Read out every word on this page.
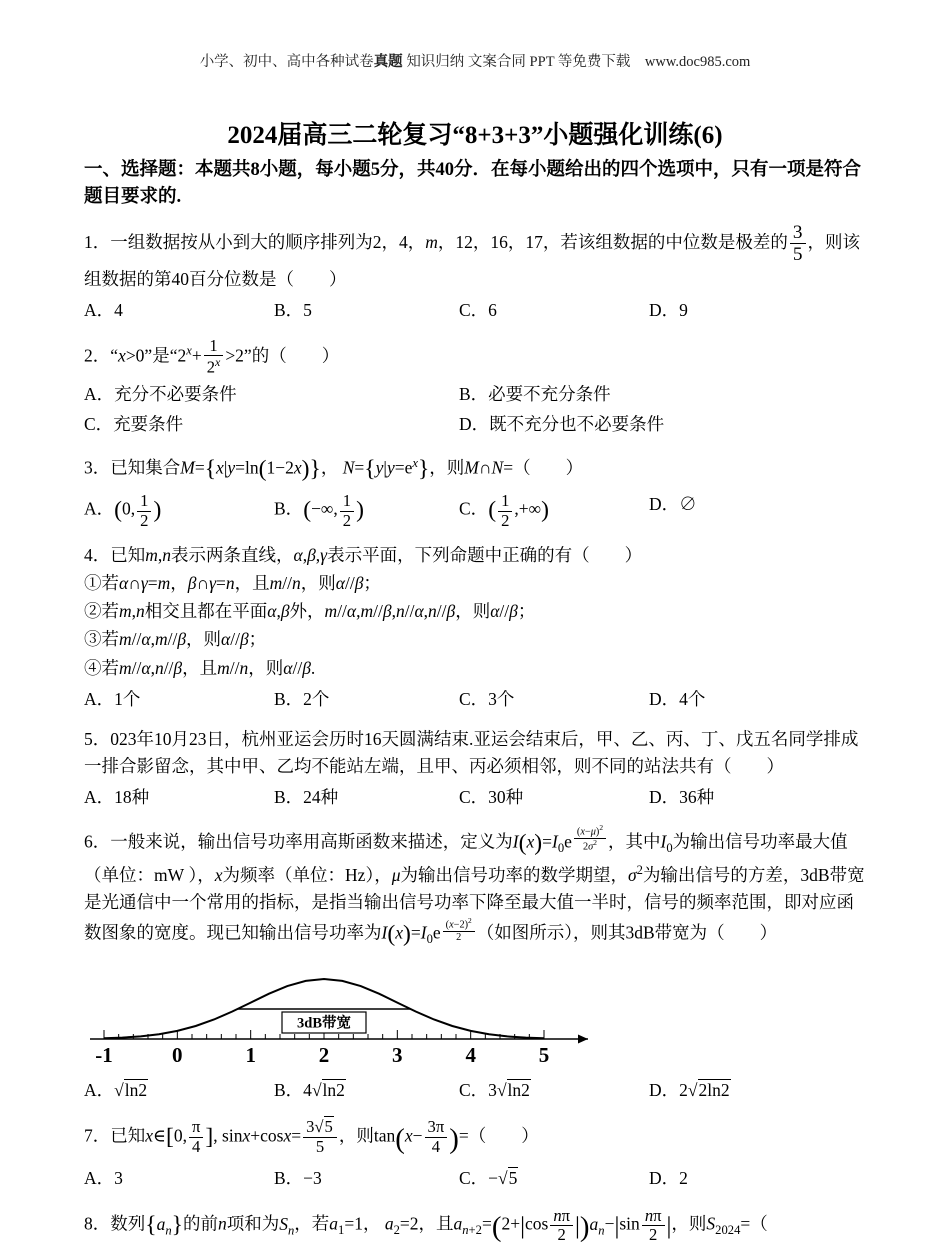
小学、初中、高中各种试卷真题 知识归纳 文案合同 PPT 等免费下载 www.doc985.com
2024届高三二轮复习“8+3+3”小题强化训练(6)

一、选择题：本题共8小题，每小题5分，共40分．在每小题给出的四个选项中，只有一项是符合题目要求的.

1．一组数据按从小到大的顺序排列为2，4，m，12，16，17，若该组数据的中位数是极差的 $\frac{3}{5}$ ，则该组数据的第40百分位数是（  ）

A．4	B．5	C．6	D．9

2．“x>0”是“$2^x+ \frac{1}{2^x} >2$”的（  ）

A．充分不必要条件	B．必要不充分条件
C．充要条件	D．既不充分也不必要条件

3．已知集合M={x|y=ln(1−2x)}， $N=\{y|y=e^x\}$，则M∩N=（  ）

A．(0, $\frac{1}{2}$ )	B．(−∞, $\frac{1}{2}$ )	C．( $\frac{1}{2}$ ,+∞)	D．∅

4．已知m,n表示两条直线，α,β,γ表示平面，下列命题中正确的有（  ）

①若α∩γ=m，β∩γ=n，且m//n，则α//β；

②若m,n相交且都在平面α,β外，m//α,m//β,n//α,n//β，则α//β；

③若m//α,m//β，则α//β；

④若m//α,n//β，且m//n，则α//β.

A．1个	B．2个	C．3个	D．4个

5．023年10月23日，杭州亚运会历时16天圆满结束.亚运会结束后，甲、乙、丙、丁、戊五名同学排成一排合影留念，其中甲、乙均不能站左端，且甲、丙必须相邻，则不同的站法共有（  ）

A．18种	B．24种	C．30种	D．36种

6．一般来说，输出信号功率用高斯函数来描述，定义为$I(x)=I_0e$ $^{\frac{(x-\mu)^2}{2\sigma^2}}$ ，其中$I_0$为输出信号功率最大值（单位：mW ），x为频率（单位：Hz），μ为输出信号功率的数学期望，$\sigma^2$为输出信号的方差，3dB带宽是光通信中一个常用的指标，是指当输出信号功率下降至最大值一半时，信号的频率范围，即对应函数图象的宽度。现已知输出信号功率为$I(x)=I_0e$ $^{\frac{(x-2)^2}{2}}$ （如图所示），则其3dB带宽为（  ）

3dB带宽
-1	0	1	2	3	4	5
A．√ln2	B．4√ln2	C．3√ln2	D．2√2ln2

7．已知x∈[0, $\frac{\pi}{4}$ ], $\sin x+\cos x= \frac{3√5}{5}$ ，则$\tan(x- \frac{3\pi}{4}$ )=（  ）

A．3	B．−3	C．−√5	D．2

8．数列$\{a_n\}$的前n项和为$S_n$，若$a_1=1$， $a_2=2$，且$a_{n+2}=(2+|\cos \frac{n\pi}{2} |)a_n-|\sin \frac{n\pi}{2}$ |，则$S_{2024}=$（
